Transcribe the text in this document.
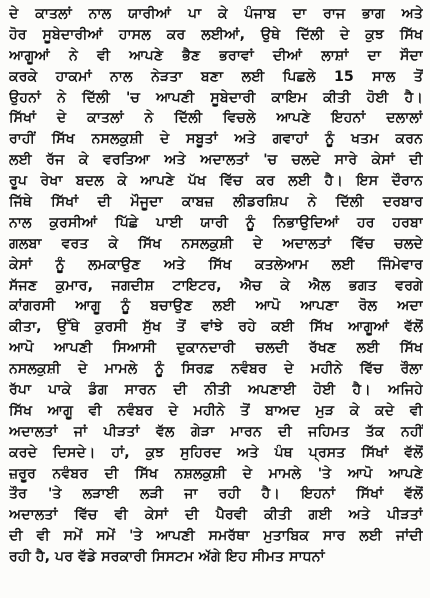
ਦੇ ਕਾਤਲਾਂ ਨਾਲ ਯਾਰੀਆਂ ਪਾ ਕੇ ਪੰਜਾਬ ਦਾ ਰਾਜ ਭਾਗ ਅਤੇ
ਹੋਰ ਸੂਬੇਦਾਰੀਆਂ ਹਾਸਲ ਕਰ ਲਈਆਂ, ਉਥੇ ਦਿੱਲੀ ਦੇ ਕੁਝ ਸਿੱਖ
ਆਗੂਆਂ ਨੇ ਵੀ ਆਪਣੇ ਭੈਣ ਭਰਾਵਾਂ ਦੀਆਂ ਲਾਸ਼ਾਂ ਦਾ ਸੌਦਾ
ਕਰਕੇ ਹਾਕਮਾਂ ਨਾਲ ਨੇੜਤਾ ਬਣਾ ਲਈ ਪਿਛਲੇ 15 ਸਾਲ ਤੋਂ
ਉਹਨਾਂ ਨੇ ਦਿੱਲੀ 'ਚ ਆਪਣੀ ਸੂਬੇਦਾਰੀ ਕਾਇਮ ਕੀਤੀ ਹੋਈ ਹੈ।
ਸਿੱਖਾਂ ਦੇ ਕਾਤਲਾਂ ਨੇ ਦਿੱਲੀ ਵਿਚਲੇ ਆਪਣੇ ਇਹਨਾਂ ਦਲਾਲਾਂ
ਰਾਹੀਂ ਸਿੱਖ ਨਸਲਕੁਸ਼ੀ ਦੇ ਸਬੂਤਾਂ ਅਤੇ ਗਵਾਹਾਂ ਨੂੰ ਖਤਮ ਕਰਨ
ਲਈ ਰੱਜ ਕੇ ਵਰਤਿਆ ਅਤੇ ਅਦਾਲਤਾਂ 'ਚ ਚਲਦੇ ਸਾਰੇ ਕੇਸਾਂ ਦੀ
ਰੂਪ ਰੇਖਾ ਬਦਲ ਕੇ ਆਪਣੇ ਪੱਖ ਵਿੱਚ ਕਰ ਲਈ ਹੈ। ਇਸ ਦੌਰਾਨ
ਜਿੱਥੇ ਸਿੱਖਾਂ ਦੀ ਮੌਜੂਦਾ ਕਾਬਜ਼ ਲੀਡਰਸ਼ਿਪ ਨੇ ਦਿੱਲੀ ਦਰਬਾਰ
ਨਾਲ ਕੁਰਸੀਆਂ ਪਿੱਛੇ ਪਾਈ ਯਾਰੀ ਨੂੰ ਨਿਭਾਉਦਿਆਂ ਹਰ ਹਰਬਾ
ਗਲਬਾ ਵਰਤ ਕੇ ਸਿੱਖ ਨਸਲਕੁਸ਼ੀ ਦੇ ਅਦਾਲਤਾਂ ਵਿੱਚ ਚਲਦੇ
ਕੇਸਾਂ ਨੂੰ ਲਮਕਾਉਣ ਅਤੇ ਸਿੱਖ ਕਤਲੇਆਮ ਲਈ ਜਿੰਮੇਵਾਰ
ਸੱਜਣ ਕੁਮਾਰ, ਜਗਦੀਸ਼ ਟਾਇਟਰ, ਐਚ ਕੇ ਐਲ ਭਗਤ ਵਰਗੇ
ਕਾਂਗਰਸੀ ਆਗੂ ਨੂੰ ਬਚਾਉਣ ਲਈ ਆਪੋ ਆਪਣਾ ਰੋਲ ਅਦਾ
ਕੀਤਾ, ਉੱਥੇ ਕੁਰਸੀ ਸੁੱਖ ਤੋਂ ਵਾਂਝੇ ਰਹੇ ਕਈ ਸਿੱਖ ਆਗੂਆਂ ਵੱਲੋਂ
ਆਪੋ ਆਪਣੀ ਸਿਆਸੀ ਦੁਕਾਨਦਾਰੀ ਚਲਦੀ ਰੱਖਣ ਲਈ ਸਿੱਖ
ਨਸਲਕੁਸ਼ੀ ਦੇ ਮਾਮਲੇ ਨੂੰ ਸਿਰਫ਼ ਨਵੰਬਰ ਦੇ ਮਹੀਨੇ ਵਿੱਚ ਰੌਲਾ
ਰੱਪਾ ਪਾਕੇ ਡੰਗ ਸਾਰਨ ਦੀ ਨੀਤੀ ਅਪਣਾਈ ਹੋਈ ਹੈ। ਅਜਿਹੇ
ਸਿੱਖ ਆਗੂ ਵੀ ਨਵੰਬਰ ਦੇ ਮਹੀਨੇ ਤੋਂ ਬਾਅਦ ਮੁੜ ਕੇ ਕਦੇ ਵੀ
ਅਦਾਲਤਾਂ ਜਾਂ ਪੀੜਤਾਂ ਵੱਲ ਗੇੜਾ ਮਾਰਨ ਦੀ ਜਹਿਮਤ ਤੱਕ ਨਹੀਂ
ਕਰਦੇ ਦਿਸਦੇ। ਹਾਂ, ਕੁਝ ਸੁਹਿਰਦ ਅਤੇ ਪੰਥ ਪ੍ਰਸਤ ਸਿੱਖਾਂ ਵੱਲੋਂ
ਜ਼ਰੂਰ ਨਵੰਬਰ ਦੀ ਸਿੱਖ ਨਸ਼ਲਕੁਸ਼ੀ ਦੇ ਮਾਮਲੇ 'ਤੇ ਆਪੋ ਆਪਣੇ
ਤੌਰ 'ਤੇ ਲੜਾਈ ਲੜੀ ਜਾ ਰਹੀ ਹੈ। ਇਹਨਾਂ ਸਿੱਖਾਂ ਵੱਲੋਂ
ਅਦਾਲਤਾਂ ਵਿੱਚ ਵੀ ਕੇਸਾਂ ਦੀ ਪੈਰਵੀ ਕੀਤੀ ਗਈ ਅਤੇ ਪੀੜਤਾਂ
ਦੀ ਵੀ ਸਮੇਂ ਸਮੇਂ 'ਤੇ ਆਪਣੀ ਸਮਰੱਥਾ ਮੁਤਾਬਿਕ ਸਾਰ ਲਈ ਜਾਂਦੀ
ਰਹੀ ਹੈ, ਪਰ ਵੱਡੇ ਸਰਕਾਰੀ ਸਿਸਟਮ ਅੱਗੇ ਇਹ ਸੀਮਤ ਸਾਧਨਾਂ
